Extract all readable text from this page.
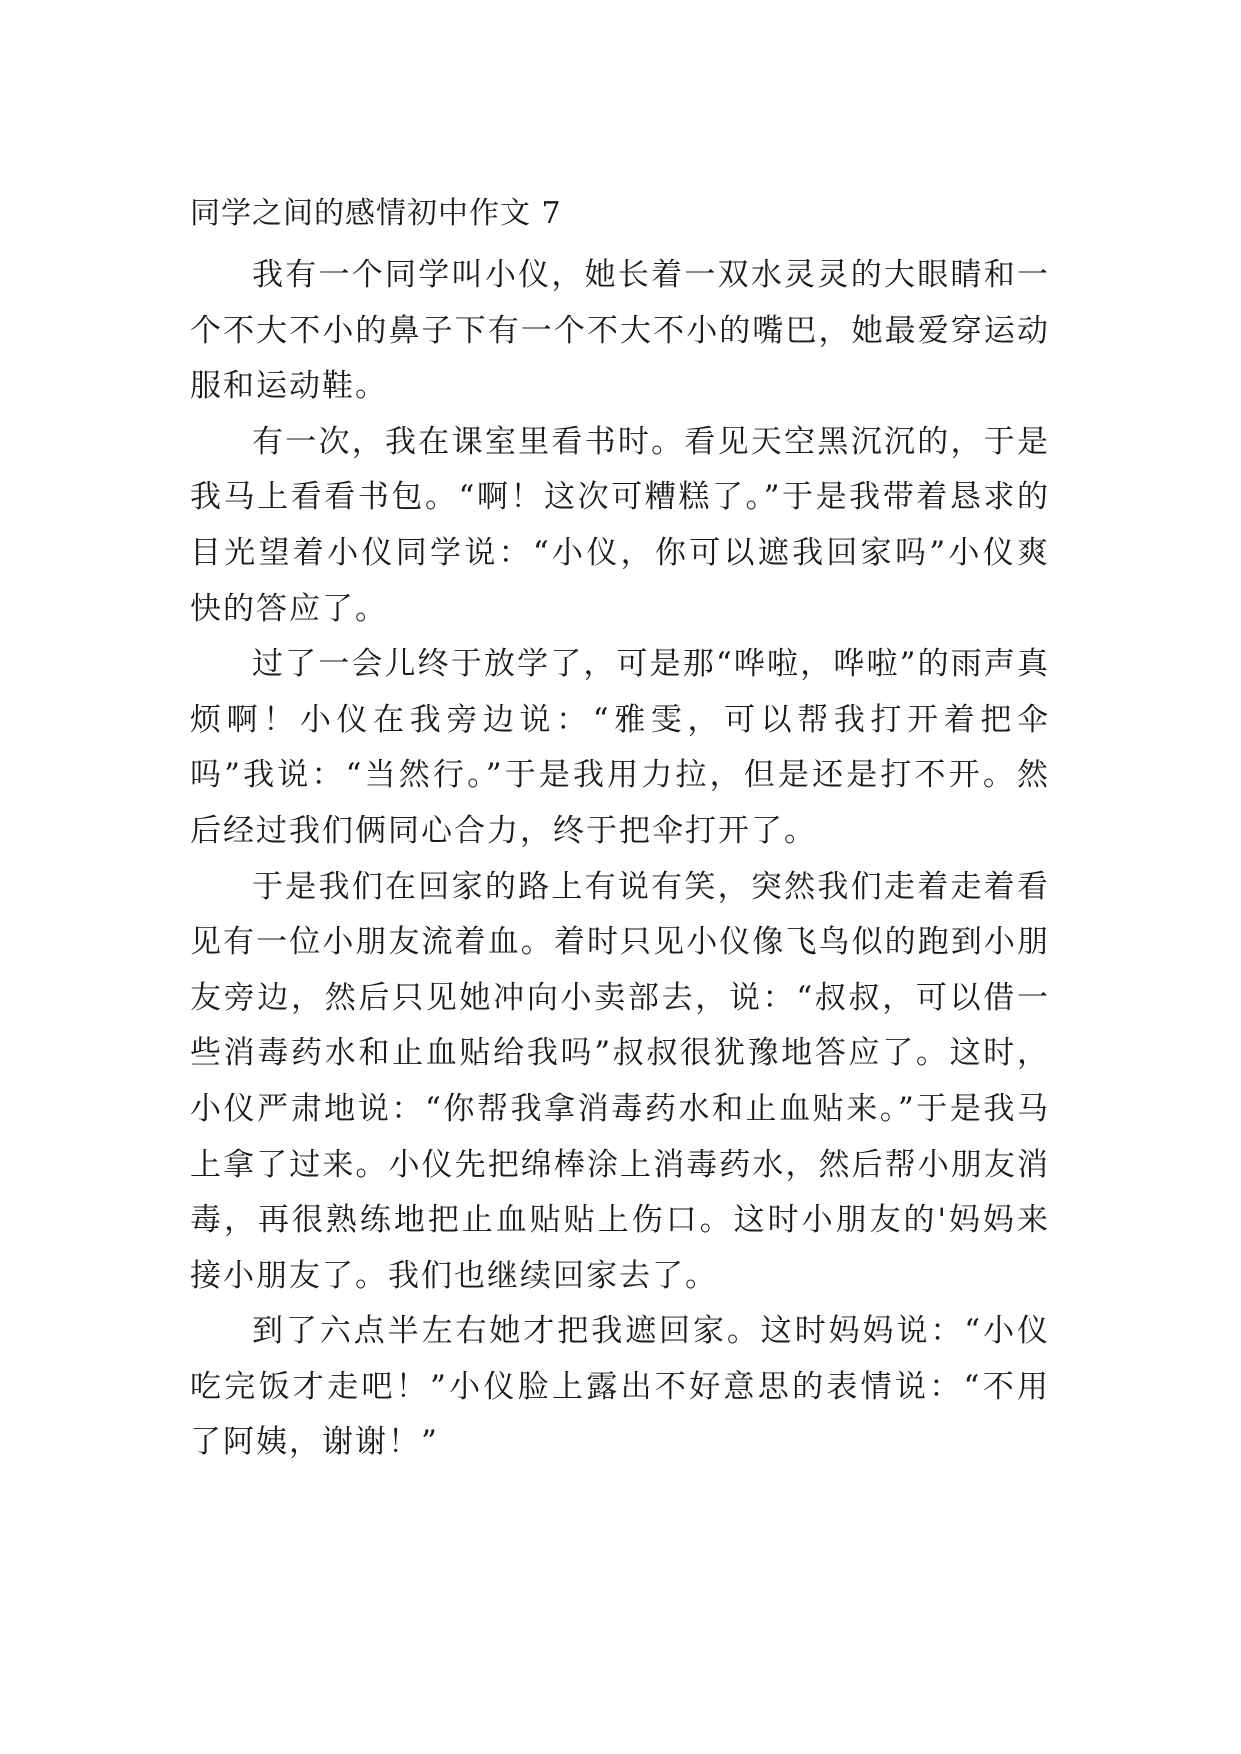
同学之间的感情初中作文 7

我有一个同学叫小仪，她长着一双水灵灵的大眼睛和一个不大不小的鼻子下有一个不大不小的嘴巴，她最爱穿运动服和运动鞋。

有一次，我在课室里看书时。看见天空黑沉沉的，于是我马上看看书包。“啊！这次可糟糕了。”于是我带着恳求的目光望着小仪同学说：“小仪，你可以遮我回家吗”小仪爽快的答应了。

过了一会儿终于放学了，可是那“哗啦，哗啦”的雨声真烦啊！小仪在我旁边说：“雅雯，可以帮我打开着把伞吗”我说：“当然行。”于是我用力拉，但是还是打不开。然后经过我们俩同心合力，终于把伞打开了。

于是我们在回家的路上有说有笑，突然我们走着走着看见有一位小朋友流着血。着时只见小仪像飞鸟似的跑到小朋友旁边，然后只见她冲向小卖部去，说：“叔叔，可以借一些消毒药水和止血贴给我吗”叔叔很犹豫地答应了。这时，小仪严肃地说：“你帮我拿消毒药水和止血贴来。”于是我马上拿了过来。小仪先把绵棒涂上消毒药水，然后帮小朋友消毒，再很熟练地把止血贴贴上伤口。这时小朋友的'妈妈来接小朋友了。我们也继续回家去了。

到了六点半左右她才把我遮回家。这时妈妈说：“小仪吃完饭才走吧！”小仪脸上露出不好意思的表情说：“不用了阿姨，谢谢！”
